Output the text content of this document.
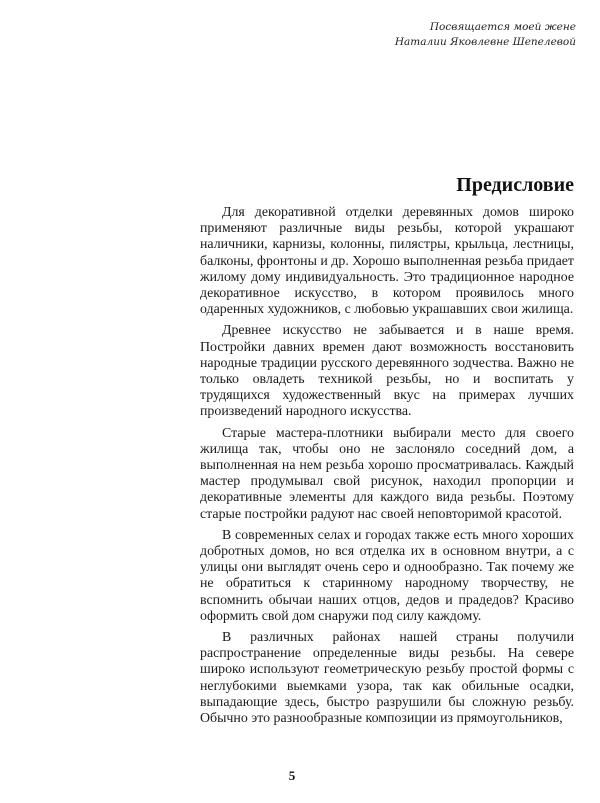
Посвящается моей жене
Наталии Яковлевне Шепелевой
Предисловие

Для декоративной отделки деревянных домов широко применяют различные виды резьбы, которой украшают наличники, карнизы, колонны, пилястры, крыльца, лестницы, балконы, фронтоны и др. Хорошо выполненная резьба придает жилому дому индивидуальность. Это традиционное народное декоративное искусство, в котором проявилось много одаренных художников, с любовью украшавших свои жилища.

Древнее искусство не забывается и в наше время. Постройки давних времен дают возможность восстановить народные традиции русского деревянного зодчества. Важно не только овладеть техникой резьбы, но и воспитать у трудящихся художественный вкус на примерах лучших произведений народного искусства.

Старые мастера-плотники выбирали место для своего жилища так, чтобы оно не заслоняло соседний дом, а выполненная на нем резьба хорошо просматривалась. Каждый мастер продумывал свой рисунок, находил пропорции и декоративные элементы для каждого вида резьбы. Поэтому старые постройки радуют нас своей неповторимой красотой.

В современных селах и городах также есть много хороших добротных домов, но вся отделка их в основном внутри, а с улицы они выглядят очень серо и однообразно. Так почему же не обратиться к старинному народному творчеству, не вспомнить обычаи наших отцов, дедов и прадедов? Красиво оформить свой дом снаружи под силу каждому.

В различных районах нашей страны получили распространение определенные виды резьбы. На севере широко используют геометрическую резьбу простой формы с неглубокими выемками узора, так как обильные осадки, выпадающие здесь, быстро разрушили бы сложную резьбу. Обычно это разнообразные композиции из прямоугольников,

5
